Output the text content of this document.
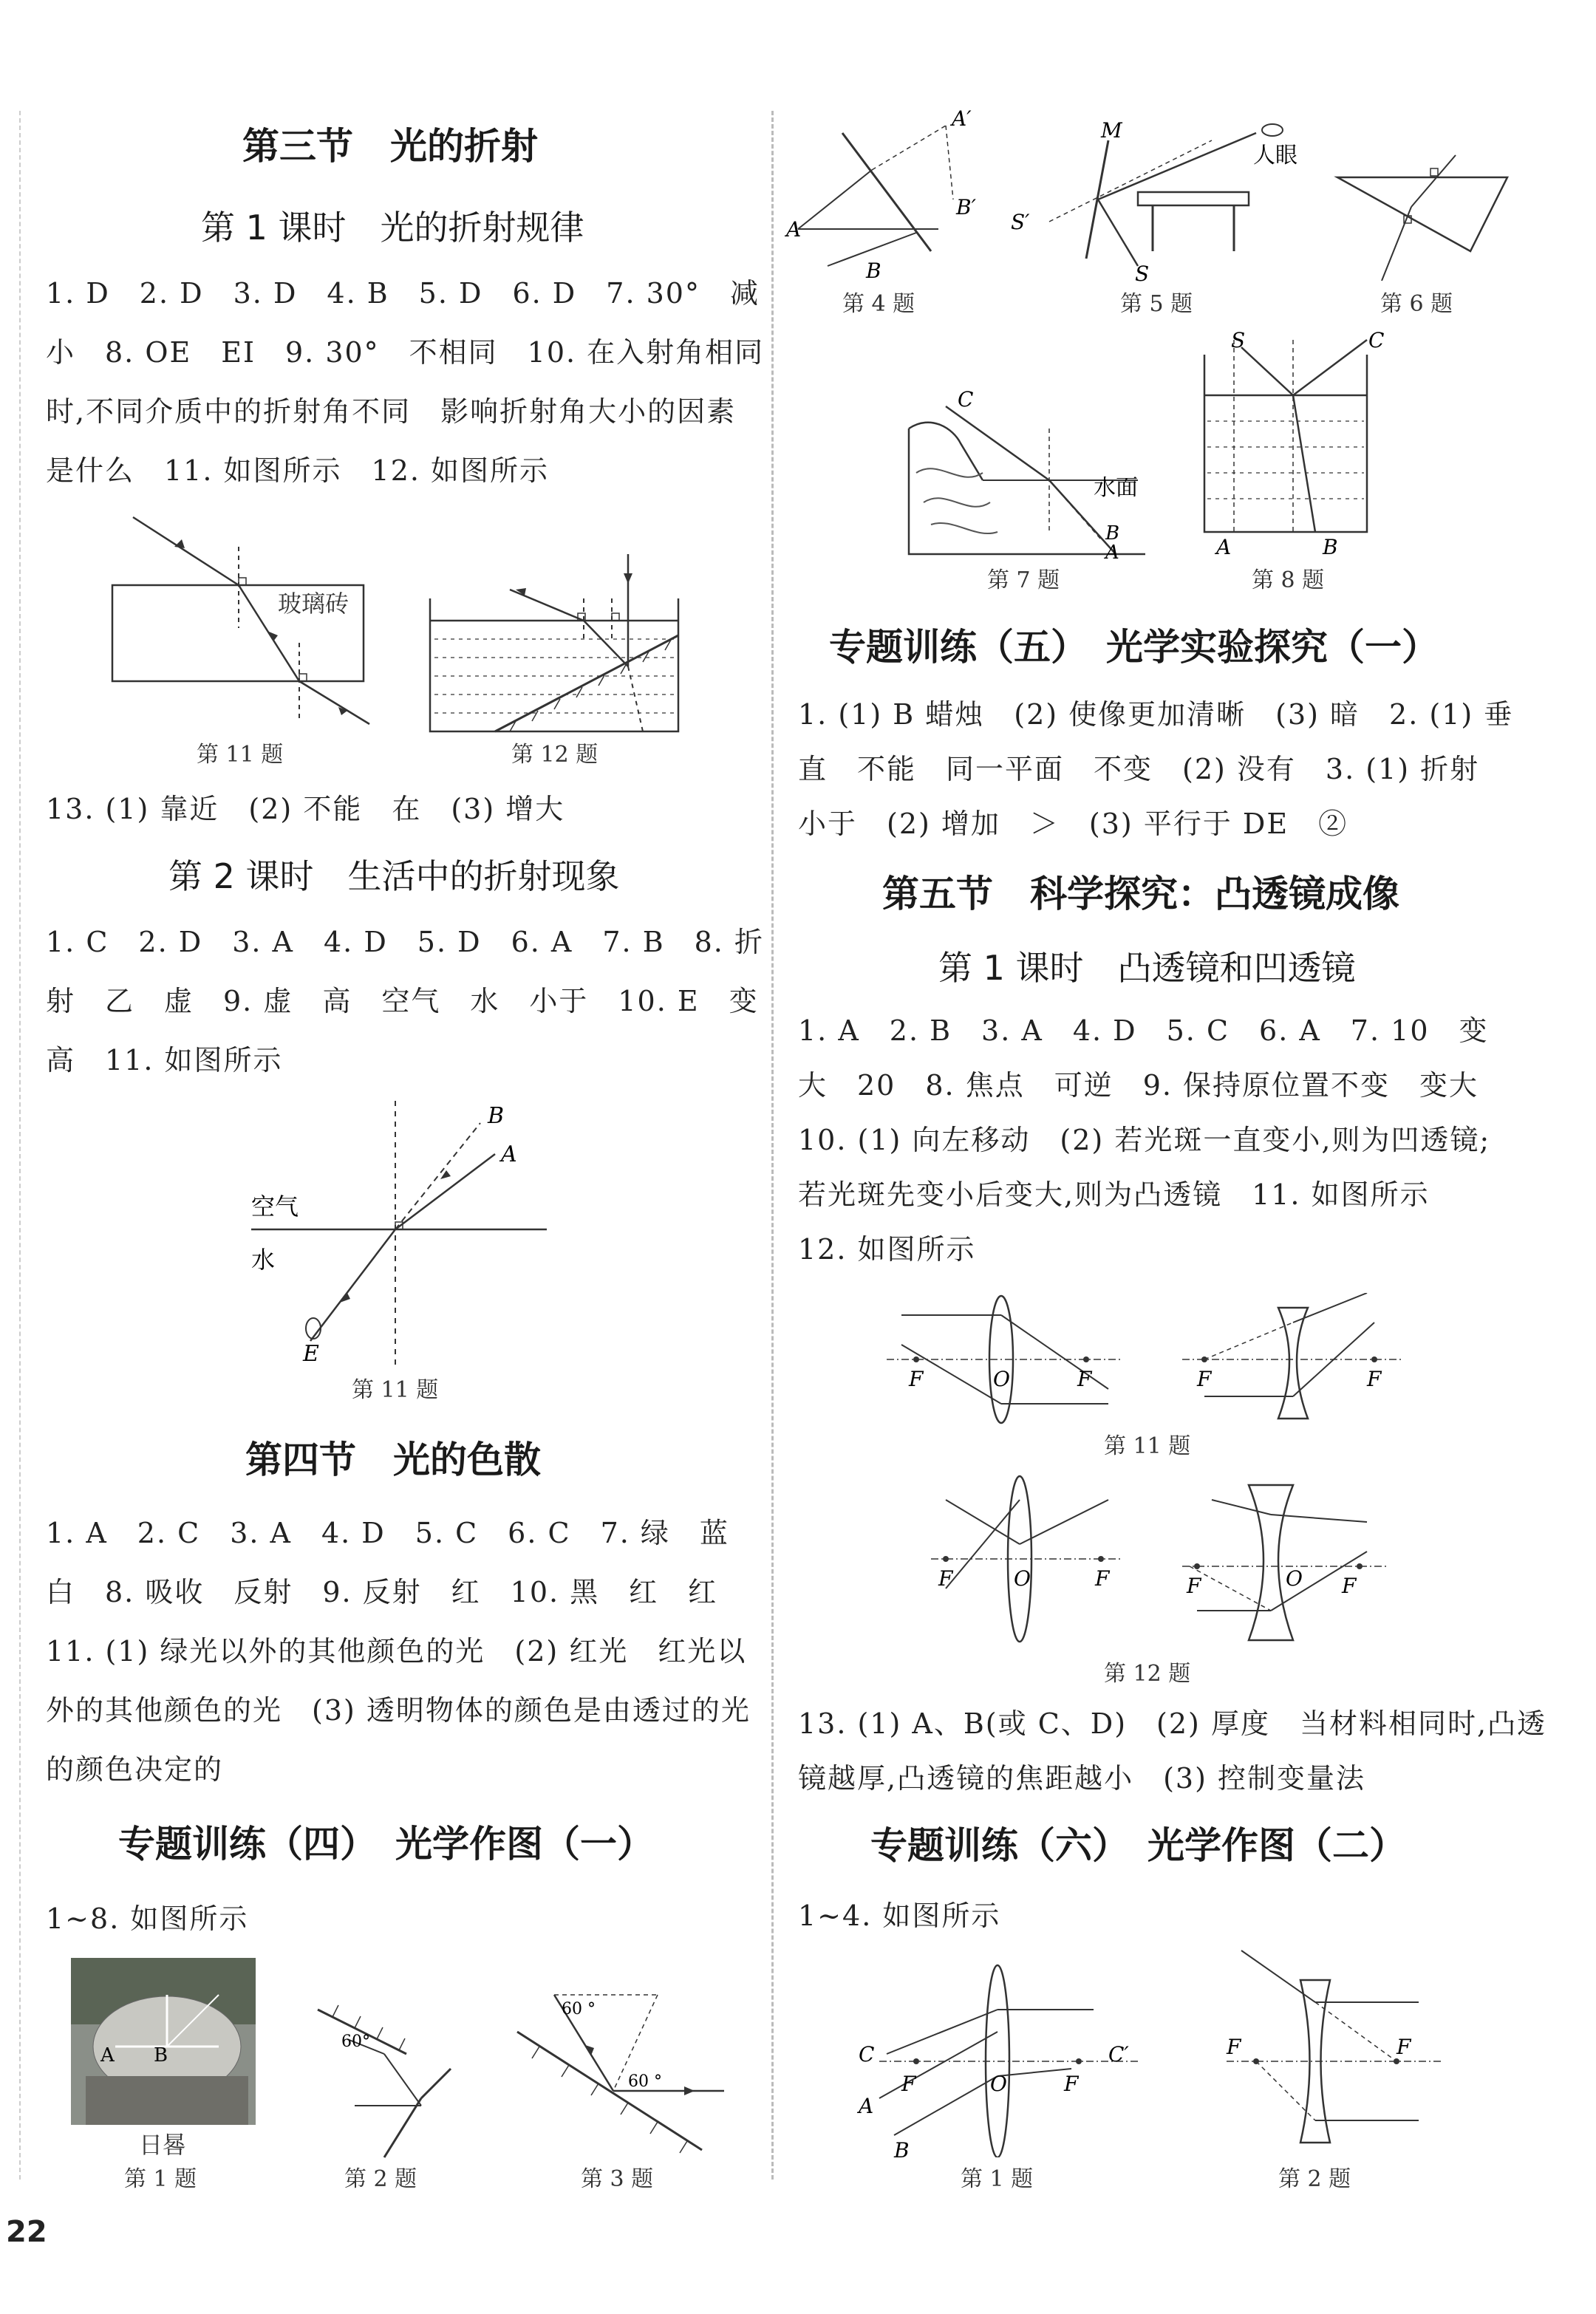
第三节　光的折射
第 1 课时　光的折射规律
1. D　2. D　3. D　4. B　5. D　6. D　7. 30°　减
小　8. OE　EI　9. 30°　不相同　10. 在入射角相同
时,不同介质中的折射角不同　影响折射角大小的因素
是什么　11. 如图所示　12. 如图所示
玻璃砖
第 11 题	第 12 题
13. (1) 靠近　(2) 不能　在　(3) 增大
第 2 课时　生活中的折射现象
1. C　2. D　3. A　4. D　5. D　6. A　7. B　8. 折
射　乙　虚　9. 虚　高　空气　水　小于　10. E　变
高　11. 如图所示
B
A
E
空气
水
第 11 题
第四节　光的色散
1. A　2. C　3. A　4. D　5. C　6. C　7. 绿　蓝
白　8. 吸收　反射　9. 反射　红　10. 黑　红　红
11. (1) 绿光以外的其他颜色的光　(2) 红光　红光以
外的其他颜色的光　(3) 透明物体的颜色是由透过的光
的颜色决定的
专题训练（四）　光学作图（一）
1~8. 如图所示
A B
日晷
第 1 题
60°
第 2 题
60 °
60 °
第 3 题
22
A′
B′
A
B
第 4 题
M
S′
S
人眼
第 5 题	第 6 题
水面
C
B
A
第 7 题
S	C
A	B
第 8 题
专题训练（五）　光学实验探究（一）
1. (1) B 蜡烛　(2) 使像更加清晰　(3) 暗　2. (1) 垂
直　不能　同一平面　不变　(2) 没有　3. (1) 折射
小于　(2) 增加　＞　(3) 平行于 DE　②
第五节　科学探究：凸透镜成像
第 1 课时　凸透镜和凹透镜
1. A　2. B　3. A　4. D　5. C　6. A　7. 10　变
大　20　8. 焦点　可逆　9. 保持原位置不变　变大
10. (1) 向左移动　(2) 若光斑一直变小,则为凹透镜;
若光斑先变小后变大,则为凸透镜　11. 如图所示
12. 如图所示
F	O	F	F	F
第 11 题
F	O	F	F	O F
第 12 题
13. (1) A、B(或 C、D)　(2) 厚度　当材料相同时,凸透
镜越厚,凸透镜的焦距越小　(3) 控制变量法
专题训练（六）　光学作图（二）
1~4. 如图所示
C	C′
F	O	F
A
B
第 1 题
F	F
第 2 题
